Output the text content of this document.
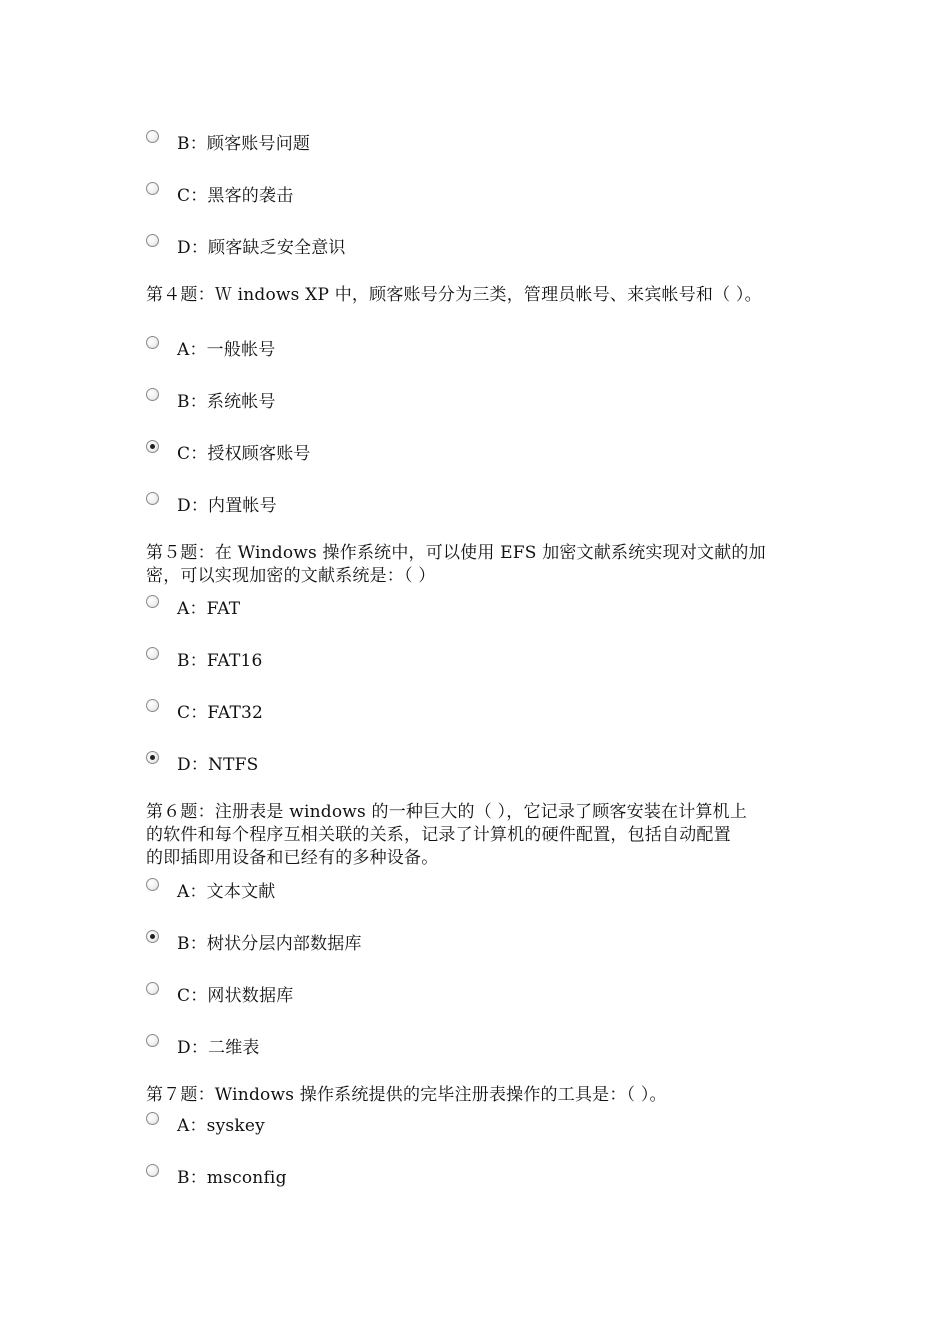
B：顾客账号问题
C：黑客的袭击
D：顾客缺乏安全意识
第４题：Ｗ indows XP 中，顾客账号分为三类，管理员帐号、来宾帐号和（ ）。
A：一般帐号
B：系统帐号
C：授权顾客账号
D：内置帐号
第５题：在 Windows 操作系统中，可以使用 EFS 加密文献系统实现对文献的加
密，可以实现加密的文献系统是：（ ）
A：FAT
B：FAT16
C：FAT32
D：NTFS
第６题：注册表是 windows 的一种巨大的（ ），它记录了顾客安装在计算机上
的软件和每个程序互相关联的关系，记录了计算机的硬件配置，包括自动配置
的即插即用设备和已经有的多种设备。
A：文本文献
B：树状分层内部数据库
C：网状数据库
D：二维表
第７题：Windows 操作系统提供的完毕注册表操作的工具是：（ ）。
A：syskey
B：msconfig
